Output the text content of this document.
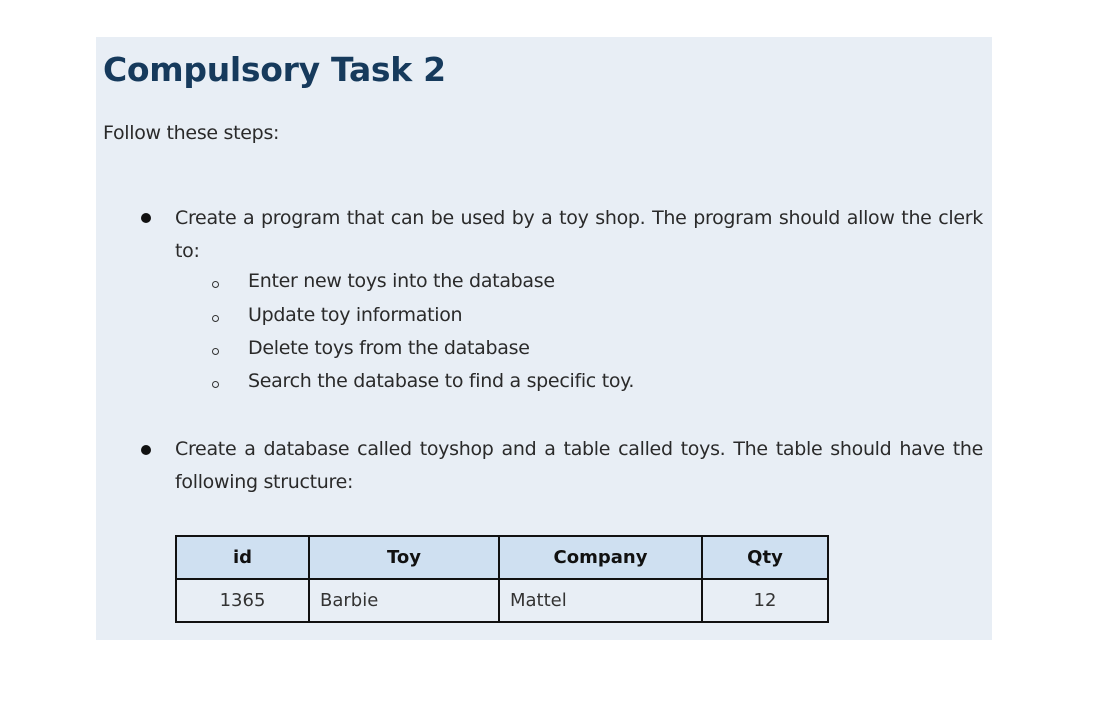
Compulsory Task 2
Follow these steps:
Create a program that can be used by a toy shop. The program should allow the clerk to:
Enter new toys into the database
Update toy information
Delete toys from the database
Search the database to find a specific toy.
Create a database called toyshop and a table called toys. The table should have the following structure:
id	Toy	Company	Qty
1365	Barbie	Mattel	12
